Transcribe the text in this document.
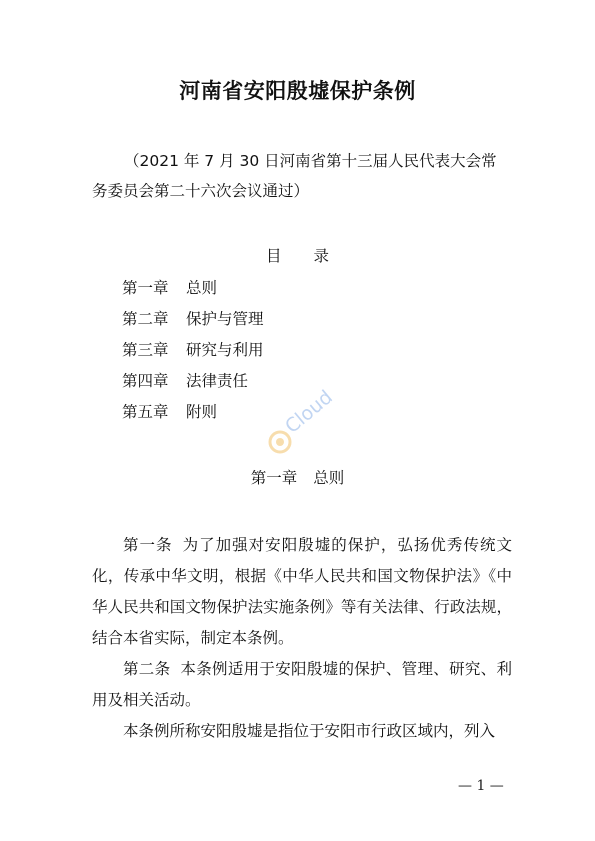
河南省安阳殷墟保护条例
（2021 年 7 月 30 日河南省第十三届人民代表大会常务委员会第二十六次会议通过）
目 录
第一章 总则
第二章 保护与管理
第三章 研究与利用
第四章 法律责任
第五章 附则	Cloud
第一章 总则

第一条 为了加强对安阳殷墟的保护，弘扬优秀传统文化，传承中华文明，根据《中华人民共和国文物保护法》《中华人民共和国文物保护法实施条例》等有关法律、行政法规，结合本省实际，制定本条例。

第二条 本条例适用于安阳殷墟的保护、管理、研究、利用及相关活动。

本条例所称安阳殷墟是指位于安阳市行政区域内，列入

— 1 —
